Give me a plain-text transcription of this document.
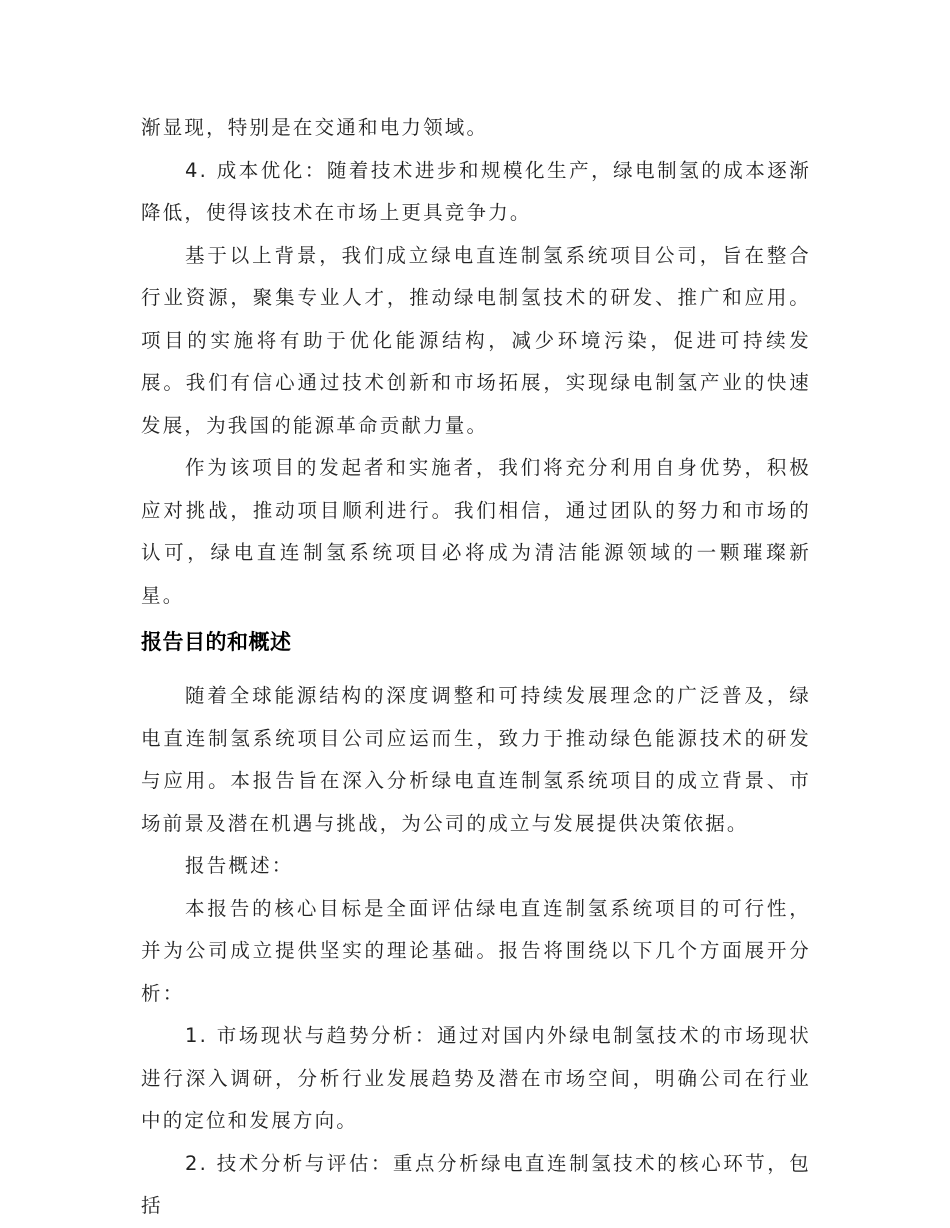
渐显现，特别是在交通和电力领域。

4. 成本优化：随着技术进步和规模化生产，绿电制氢的成本逐渐降低，使得该技术在市场上更具竞争力。

基于以上背景，我们成立绿电直连制氢系统项目公司，旨在整合行业资源，聚集专业人才，推动绿电制氢技术的研发、推广和应用。项目的实施将有助于优化能源结构，减少环境污染，促进可持续发展。我们有信心通过技术创新和市场拓展，实现绿电制氢产业的快速发展，为我国的能源革命贡献力量。

作为该项目的发起者和实施者，我们将充分利用自身优势，积极应对挑战，推动项目顺利进行。我们相信，通过团队的努力和市场的认可，绿电直连制氢系统项目必将成为清洁能源领域的一颗璀璨新星。

报告目的和概述

随着全球能源结构的深度调整和可持续发展理念的广泛普及，绿电直连制氢系统项目公司应运而生，致力于推动绿色能源技术的研发与应用。本报告旨在深入分析绿电直连制氢系统项目的成立背景、市场前景及潜在机遇与挑战，为公司的成立与发展提供决策依据。

报告概述：

本报告的核心目标是全面评估绿电直连制氢系统项目的可行性，并为公司成立提供坚实的理论基础。报告将围绕以下几个方面展开分析：

1. 市场现状与趋势分析：通过对国内外绿电制氢技术的市场现状进行深入调研，分析行业发展趋势及潜在市场空间，明确公司在行业中的定位和发展方向。

2. 技术分析与评估：重点分析绿电直连制氢技术的核心环节，包括
